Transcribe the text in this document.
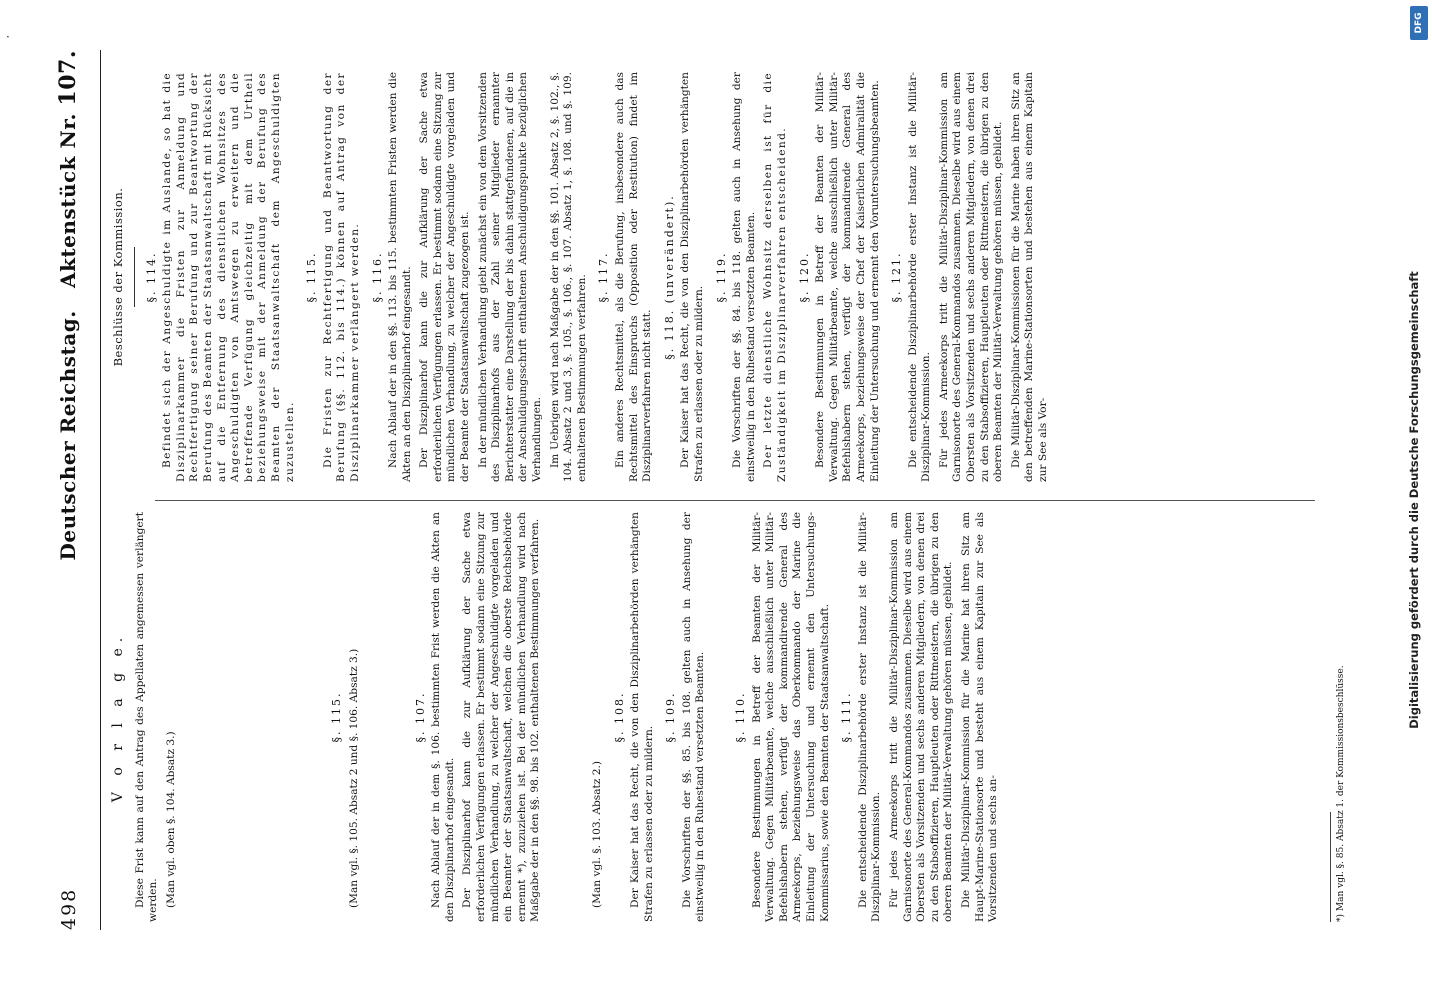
498
Deutscher Reichstag.   Aktenstück Nr. 107.
V o r l a g e. Diese Frist kann auf den Antrag des Appellaten angemessen verlängert werden. (Man vgl. oben §. 104. Absatz 3.)

§. 115. (Man vgl. §. 105. Absatz 2 und §. 106. Absatz 3.)	§. 107. Nach Ablauf der in dem §. 106. bestimmten Frist werden die Akten an den Disziplinarhof eingesandt. Der Disziplinarhof kann die zur Aufklärung der Sache etwa erforderlichen Verfügungen erlassen. Er bestimmt sodann eine Sitzung zur mündlichen Verhandlung, zu welcher der Angeschuldigte vorgeladen und ein Beamter der Staatsanwaltschaft, welchen die oberste Reichsbehörde ernennt *), zuzuziehen ist. Bei der mündlichen Verhandlung wird nach Maßgabe der in den §§. 98. bis 102. enthaltenen Bestimmungen verfahren.	(Man vgl. §. 103. Absatz 2.)

§. 108. Der Kaiser hat das Recht, die von den Disziplinarbehörden verhängten Strafen zu erlassen oder zu mildern.

§. 109. Die Vorschriften der §§. 85. bis 108. gelten auch in Ansehung der einstweilig in den Ruhestand versetzten Beamten.	§. 110. Besondere Bestimmungen in Betreff der Beamten der Militär-Verwaltung. Gegen Militärbeamte, welche ausschließlich unter Militär-Befehlshabern stehen, verfügt der kommandirende General des Armeekorps, beziehungsweise das Oberkommando der Marine die Einleitung der Untersuchung und ernennt den Untersuchungs-Kommissarius, sowie den Beamten der Staatsanwaltschaft. §. 111. Die entscheidende Disziplinarbehörde erster Instanz ist die Militär-Disziplinar-Kommission. Für jedes Armeekorps tritt die Militär-Disziplinar-Kommission am Garnisonorte des General-Kommandos zusammen. Dieselbe wird aus einem Obersten als Vorsitzenden und sechs anderen Mitgliedern, von denen drei zu den Stabsoffizieren, Hauptleuten oder Rittmeistern, die übrigen zu den oberen Beamten der Militär-Verwaltung gehören müssen, gebildet. Die Militär-Disziplinar-Kommission für die Marine hat ihren Sitz am Haupt-Marine-Stationsorte und besteht aus einem Kapitain zur See als Vorsitzenden und sechs an-	*) Man vgl. §. 85. Absatz 1. der Kommissionsbeschlüsse.
Beschlüsse der Kommission. §. 114. Befindet sich der Angeschuldigte im Auslande, so hat die Disziplinarkammer die Fristen zur Anmeldung und Rechtfertigung seiner Berufung und zur Beantwortung der Berufung des Beamten der Staatsanwaltschaft mit Rücksicht auf die Entfernung des dienstlichen Wohnsitzes des Angeschuldigten von Amtswegen zu erweitern und die betreffende Verfügung gleichzeitig mit dem Urtheil beziehungsweise mit der Anmeldung der Berufung des Beamten der Staatsanwaltschaft dem Angeschuldigten zuzustellen.

§. 115. Die Fristen zur Rechtfertigung und Beantwortung der Berufung (§§. 112. bis 114.) können auf Antrag von der Disziplinarkammer verlängert werden. §. 116. Nach Ablauf der in den §§. 113. bis 115. bestimmten Fristen werden die Akten an den Disziplinarhof eingesandt. Der Disziplinarhof kann die zur Aufklärung der Sache etwa erforderlichen Verfügungen erlassen. Er bestimmt sodann eine Sitzung zur mündlichen Verhandlung, zu welcher der Angeschuldigte vorgeladen und der Beamte der Staatsanwaltschaft zugezogen ist. In der mündlichen Verhandlung giebt zunächst ein von dem Vorsitzenden des Disziplinarhofs aus der Zahl seiner Mitglieder ernannter Berichterstatter eine Darstellung der bis dahin stattgefundenen, auf die in der Anschuldigungsschrift enthaltenen Anschuldigungspunkte bezüglichen Verhandlungen. Im Uebrigen wird nach Maßgabe der in den §§. 101. Absatz 2, §. 102., §. 104. Absatz 2 und 3, §. 105., §. 106., §. 107. Absatz 1, §. 108. und §. 109. enthaltenen Bestimmungen verfahren. §. 117. Ein anderes Rechtsmittel, als die Berufung, insbesondere auch das Rechtsmittel des Einspruchs (Opposition oder Restitution) findet im Disziplinarverfahren nicht statt.

§. 118. (unverändert). Der Kaiser hat das Recht, die von den Disziplinarbehörden verhängten Strafen zu erlassen oder zu mildern.

§. 119. Die Vorschriften der §§. 84. bis 118. gelten auch in Ansehung der einstweilig in den Ruhestand versetzten Beamten. Der letzte dienstliche Wohnsitz derselben ist für die Zuständigkeit im Disziplinarverfahren entscheidend. §. 120. Besondere Bestimmungen in Betreff der Beamten der Militär-Verwaltung. Gegen Militärbeamte, welche ausschließlich unter Militär-Befehlshabern stehen, verfügt der kommandirende General des Armeekorps, beziehungsweise der Chef der Kaiserlichen Admiralität die Einleitung der Untersuchung und ernennt den Voruntersuchungsbeamten. §. 121. Die entscheidende Disziplinarbehörde erster Instanz ist die Militär-Disziplinar-Kommission. Für jedes Armeekorps tritt die Militär-Disziplinar-Kommission am Garnisonorte des General-Kommandos zusammen. Dieselbe wird aus einem Obersten als Vorsitzenden und sechs anderen Mitgliedern, von denen drei zu den Stabsoffizieren, Hauptleuten oder Rittmeistern, die übrigen zu den oberen Beamten der Militär-Verwaltung gehören müssen, gebildet. Die Militär-Disziplinar-Kommissionen für die Marine haben ihren Sitz an den betreffenden Marine-Stationsorten und bestehen aus einem Kapitain zur See als Vor-

·
Digitalisierung gefördert durch die Deutsche Forschungsgemeinschaft
DFG
